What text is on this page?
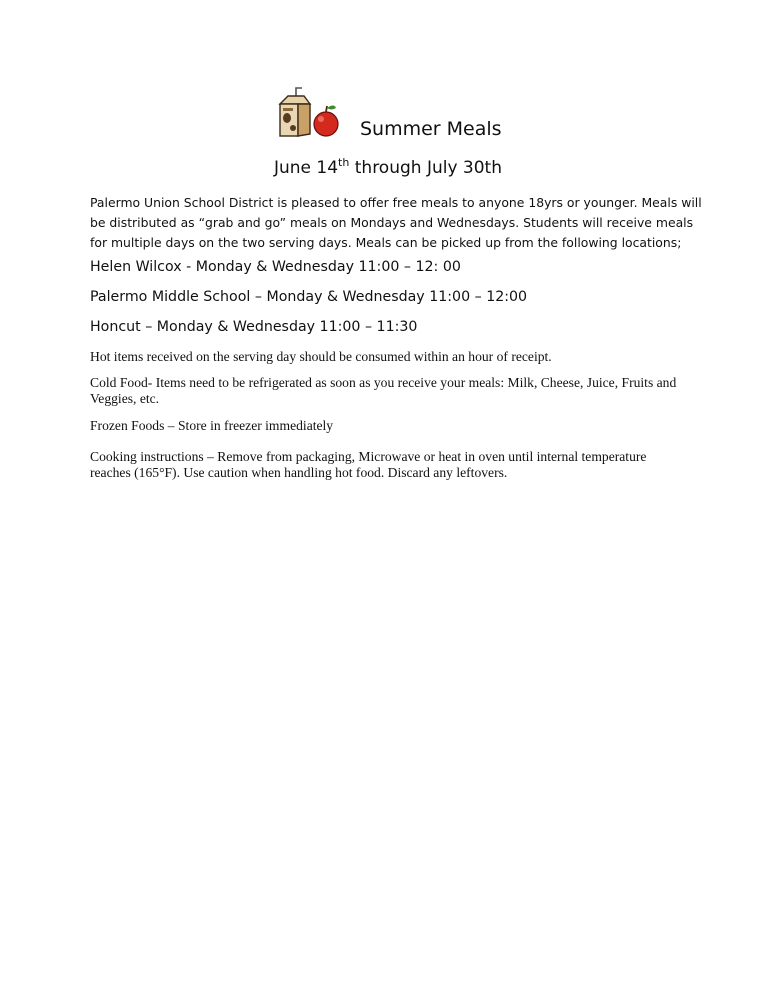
Summer Meals
June 14th through July 30th

Palermo Union School District is pleased to offer free meals to anyone 18yrs or younger. Meals will be distributed as “grab and go” meals on Mondays and Wednesdays. Students will receive meals for multiple days on the two serving days. Meals can be picked up from the following locations;

Helen Wilcox - Monday & Wednesday 11:00 – 12: 00

Palermo Middle School – Monday & Wednesday 11:00 – 12:00

Honcut – Monday & Wednesday 11:00 – 11:30

Hot items received on the serving day should be consumed within an hour of receipt.

Cold Food- Items need to be refrigerated as soon as you receive your meals: Milk, Cheese, Juice, Fruits and Veggies, etc.

Frozen Foods – Store in freezer immediately

Cooking instructions – Remove from packaging, Microwave or heat in oven until internal temperature reaches (165°F). Use caution when handling hot food. Discard any leftovers.
